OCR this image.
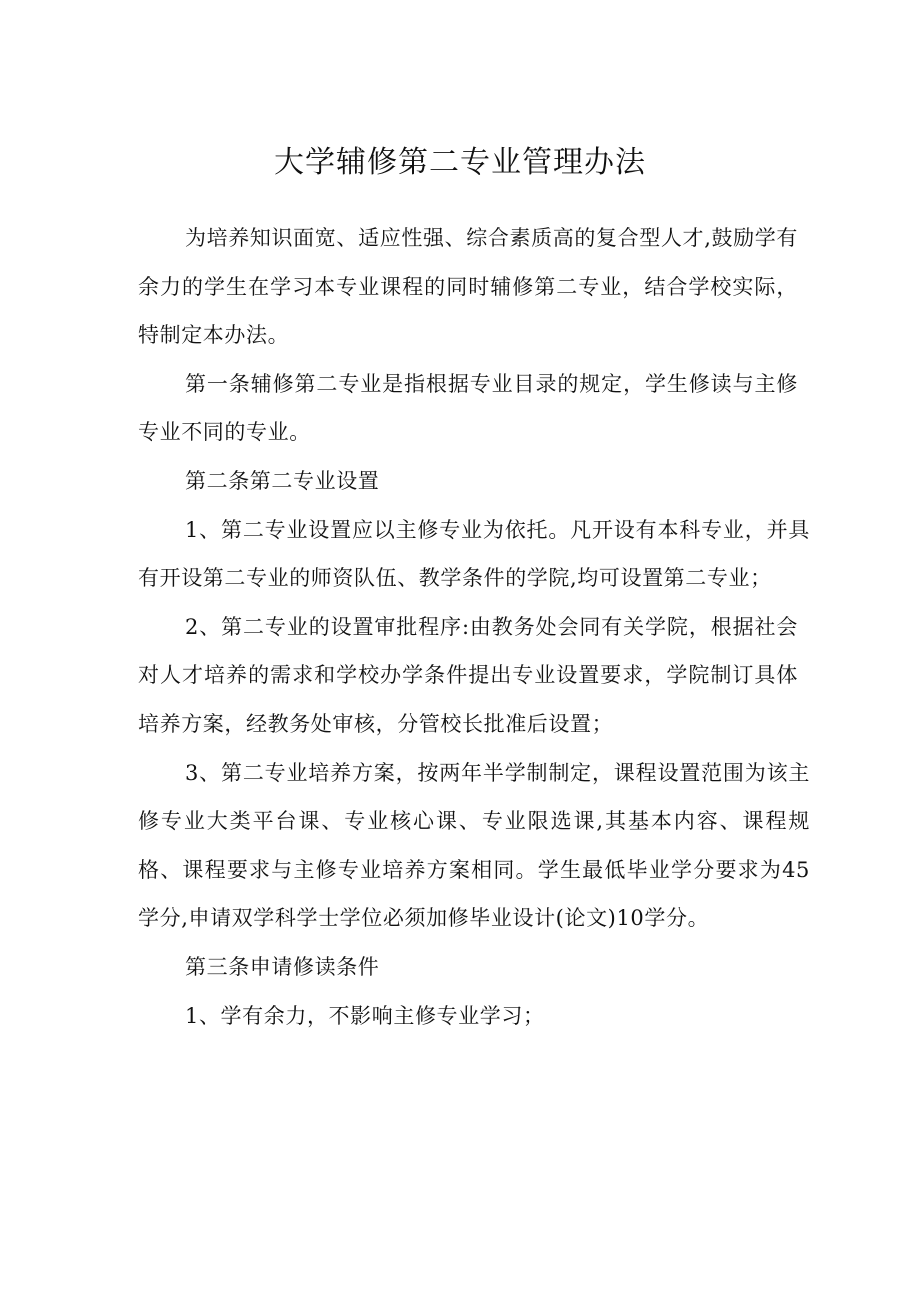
大学辅修第二专业管理办法

为培养知识面宽、适应性强、综合素质高的复合型人才,鼓励学有余力的学生在学习本专业课程的同时辅修第二专业，结合学校实际，特制定本办法。

第一条辅修第二专业是指根据专业目录的规定，学生修读与主修专业不同的专业。

第二条第二专业设置

1、第二专业设置应以主修专业为依托。凡开设有本科专业，并具有开设第二专业的师资队伍、教学条件的学院,均可设置第二专业；

2、第二专业的设置审批程序:由教务处会同有关学院，根据社会对人才培养的需求和学校办学条件提出专业设置要求，学院制订具体培养方案，经教务处审核，分管校长批准后设置；

3、第二专业培养方案，按两年半学制制定，课程设置范围为该主修专业大类平台课、专业核心课、专业限选课,其基本内容、课程规格、课程要求与主修专业培养方案相同。学生最低毕业学分要求为45学分,申请双学科学士学位必须加修毕业设计(论文)10学分。

第三条申请修读条件

1、学有余力，不影响主修专业学习；
